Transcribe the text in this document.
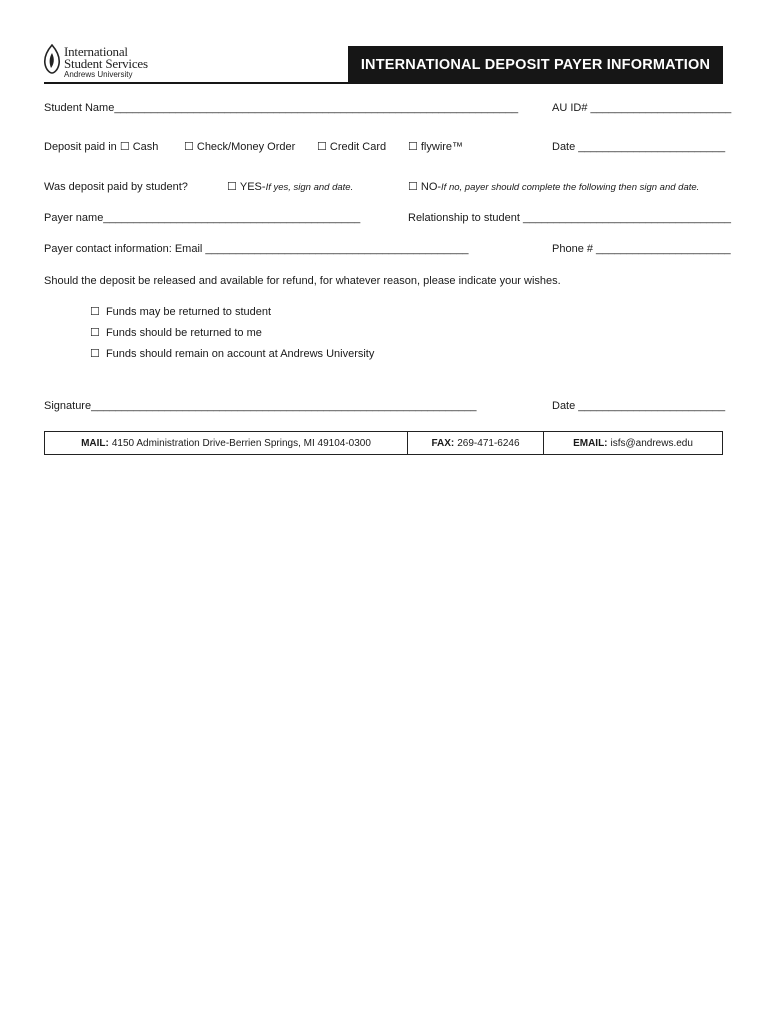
International
Student Services
Andrews University
INTERNATIONAL DEPOSIT PAYER INFORMATION
Student Name__________________________________________________________________	AU ID# _______________________
Deposit paid in ☐ Cash ☐ Check/Money Order ☐ Credit Card ☐ flywire™	Date ________________________
Was deposit paid by student?	☐ YES-If yes, sign and date.	☐ NO-If no, payer should complete the following then sign and date.
Payer name__________________________________________	Relationship to student __________________________________
Payer contact information: Email ___________________________________________	Phone # ______________________
Should the deposit be released and available for refund, for whatever reason, please indicate your wishes.
☐ Funds may be returned to student
☐ Funds should be returned to me
☐ Funds should remain on account at Andrews University
Signature_______________________________________________________________	Date ________________________
MAIL: 4150 Administration Drive-Berrien Springs, MI 49104-0300	FAX: 269-471-6246	EMAIL: isfs@andrews.edu
